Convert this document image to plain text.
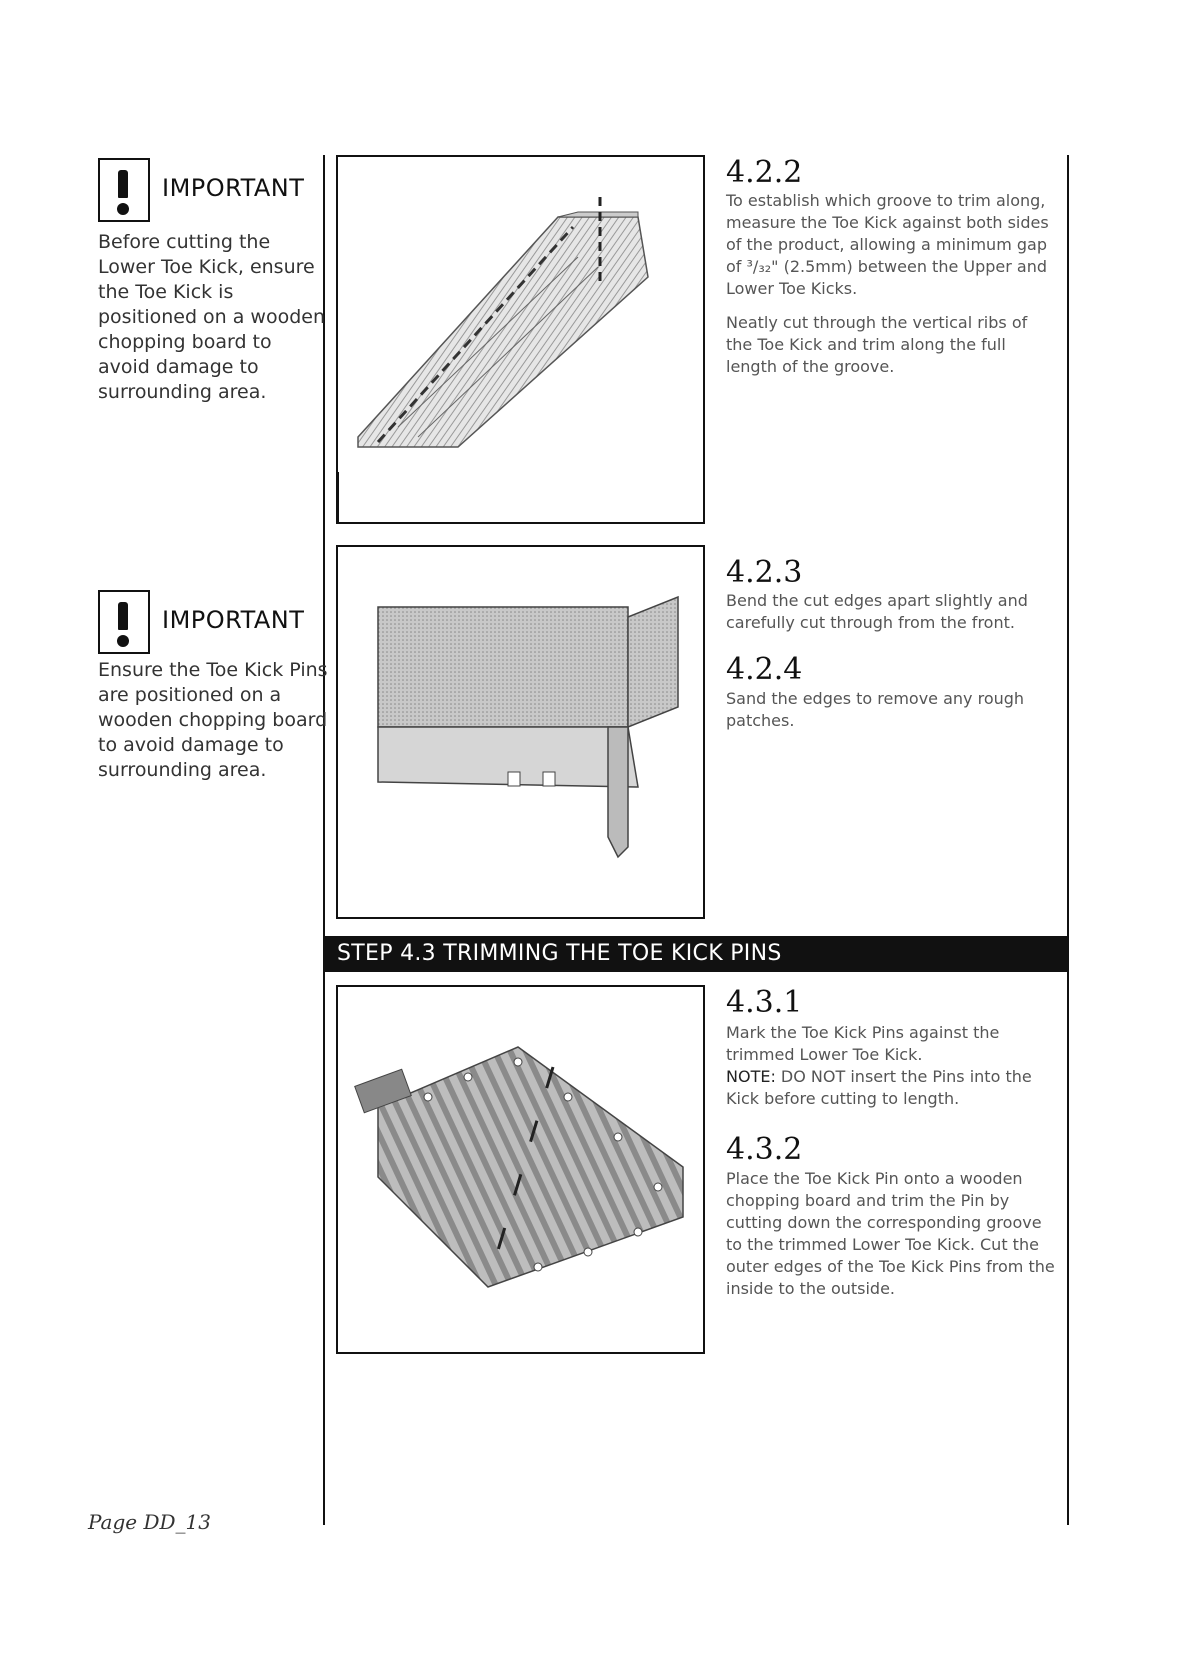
IMPORTANT
Before cutting the Lower Toe Kick, ensure the Toe Kick is positioned on a wooden chopping board to avoid damage to surrounding area.
IMPORTANT
Ensure the Toe Kick Pins are positioned on a wooden chopping board to avoid damage to surrounding area.
4.2.2

To establish which groove to trim along, measure the Toe Kick against both sides of the product, allowing a minimum gap of ³/₃₂" (2.5mm) between the Upper and Lower Toe Kicks.

Neatly cut through the vertical ribs of the Toe Kick and trim along the full length of the groove.

4.2.3
Bend the cut edges apart slightly and carefully cut through from the front.
4.2.4
Sand the edges to remove any rough patches.
STEP 4.3 TRIMMING THE TOE KICK PINS
4.3.1
Mark the Toe Kick Pins against the trimmed Lower Toe Kick.
NOTE: DO NOT insert the Pins into the Kick before cutting to length.
4.3.2
Place the Toe Kick Pin onto a wooden chopping board and trim the Pin by cutting down the corresponding groove to the trimmed Lower Toe Kick. Cut the outer edges of the Toe Kick Pins from the inside to the outside.
Page DD_13
